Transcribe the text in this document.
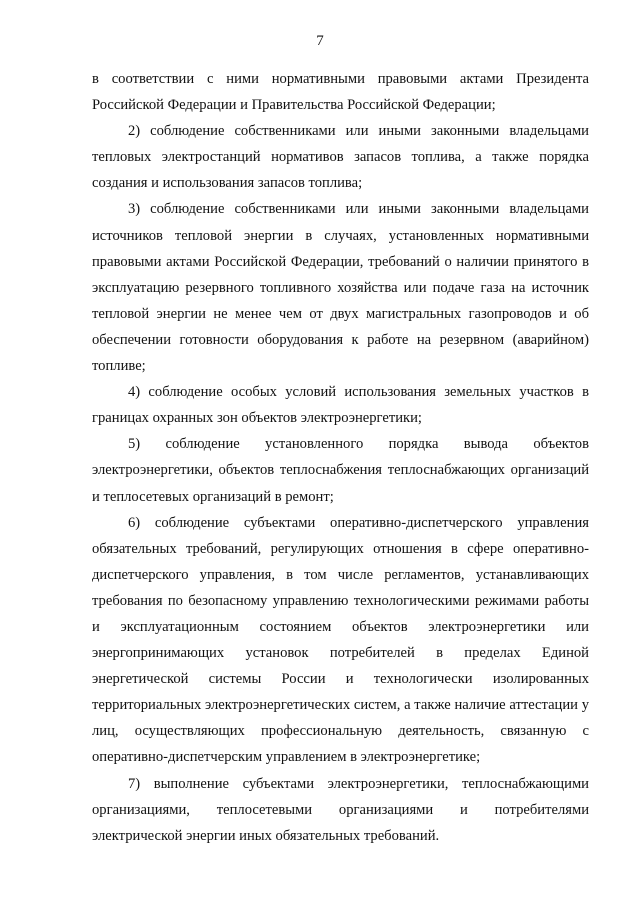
7

в соответствии с ними нормативными правовыми актами Президента Российской Федерации и Правительства Российской Федерации;

2) соблюдение собственниками или иными законными владельцами тепловых электростанций нормативов запасов топлива, а также порядка создания и использования запасов топлива;

3) соблюдение собственниками или иными законными владельцами источников тепловой энергии в случаях, установленных нормативными правовыми актами Российской Федерации, требований о наличии принятого в эксплуатацию резервного топливного хозяйства или подаче газа на источник тепловой энергии не менее чем от двух магистральных газопроводов и об обеспечении готовности оборудования к работе на резервном (аварийном) топливе;

4) соблюдение особых условий использования земельных участков в границах охранных зон объектов электроэнергетики;

5) соблюдение установленного порядка вывода объектов электроэнергетики, объектов теплоснабжения теплоснабжающих организаций и теплосетевых организаций в ремонт;

6) соблюдение субъектами оперативно-диспетчерского управления обязательных требований, регулирующих отношения в сфере оперативно-диспетчерского управления, в том числе регламентов, устанавливающих требования по безопасному управлению технологическими режимами работы и эксплуатационным состоянием объектов электроэнергетики или энергопринимающих установок потребителей в пределах Единой энергетической системы России и технологически изолированных территориальных электроэнергетических систем, а также наличие аттестации у лиц, осуществляющих профессиональную деятельность, связанную с оперативно-диспетчерским управлением в электроэнергетике;

7) выполнение субъектами электроэнергетики, теплоснабжающими организациями, теплосетевыми организациями и потребителями электрической энергии иных обязательных требований.
